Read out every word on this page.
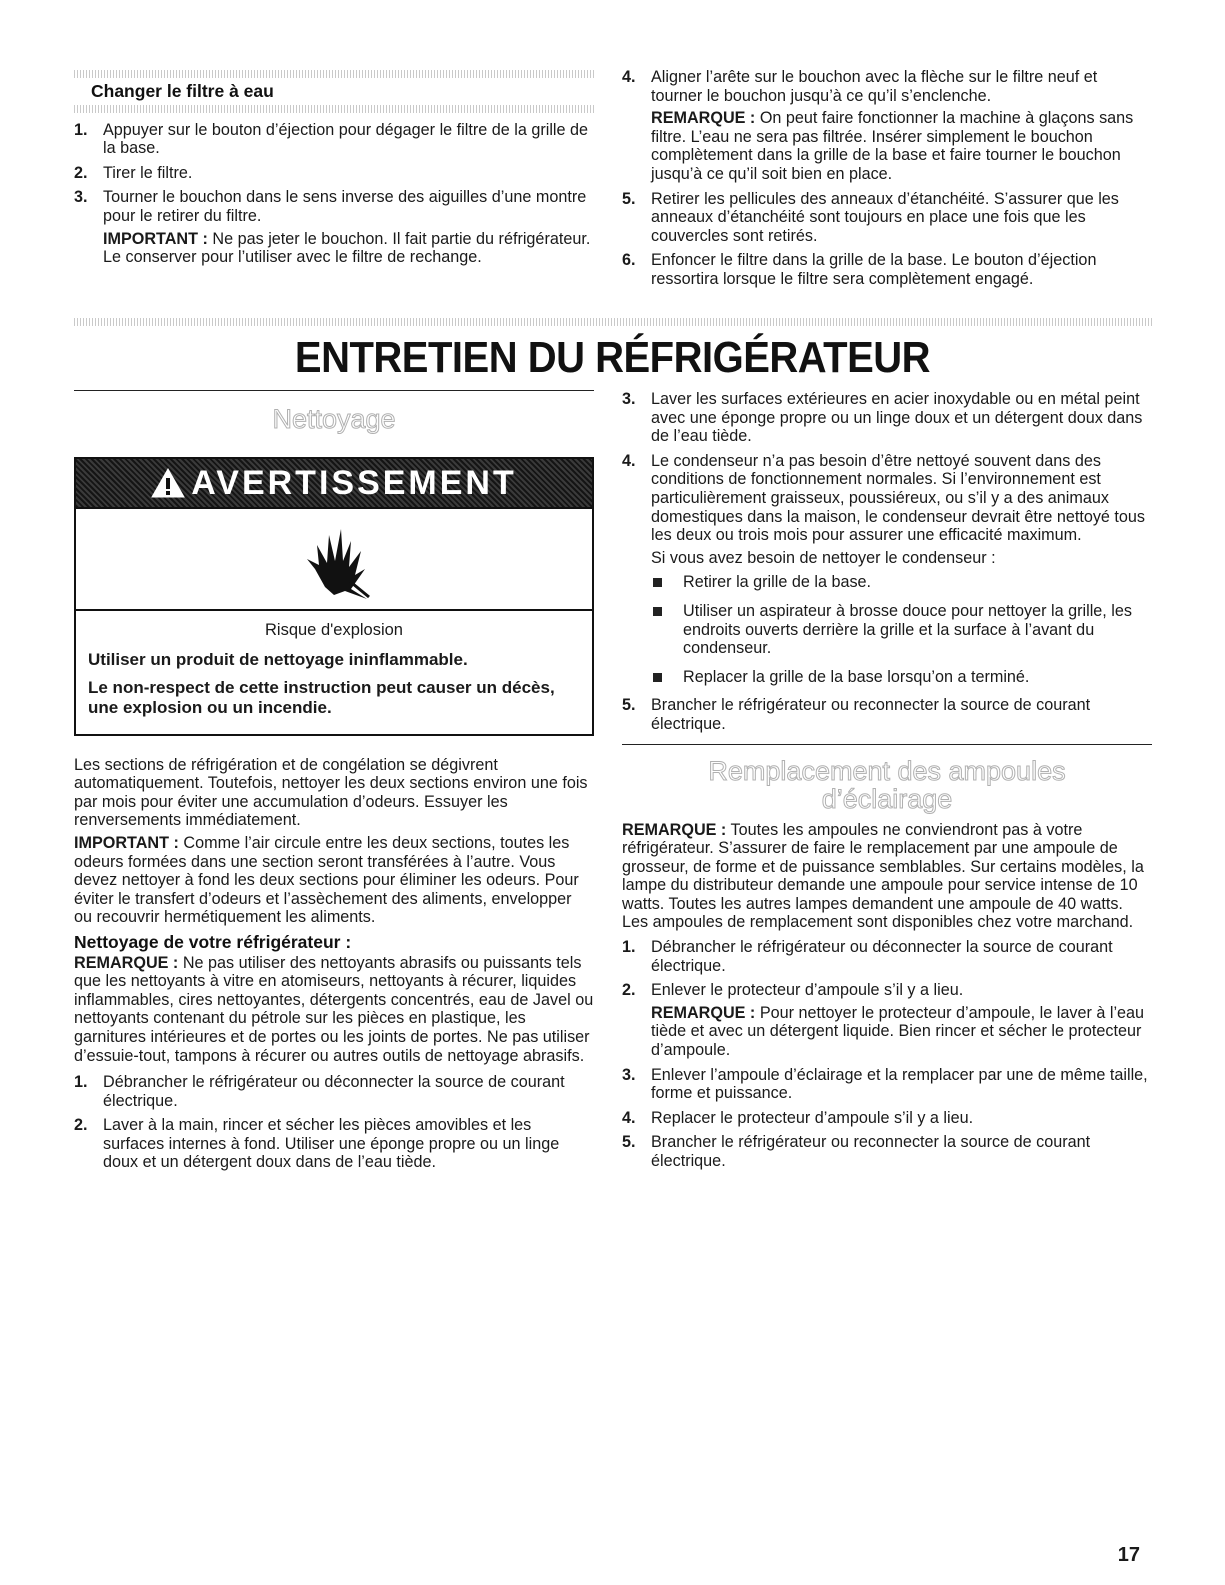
Changer le filtre à eau
1. Appuyer sur le bouton d’éjection pour dégager le filtre de la grille de la base.
2. Tirer le filtre.
3. Tourner le bouchon dans le sens inverse des aiguilles d’une montre pour le retirer du filtre.
IMPORTANT : Ne pas jeter le bouchon. Il fait partie du réfrigérateur. Le conserver pour l’utiliser avec le filtre de rechange.
4. Aligner l’arête sur le bouchon avec la flèche sur le filtre neuf et tourner le bouchon jusqu’à ce qu’il s’enclenche.
REMARQUE : On peut faire fonctionner la machine à glaçons sans filtre. L’eau ne sera pas filtrée. Insérer simplement le bouchon complètement dans la grille de la base et faire tourner le bouchon jusqu’à ce qu’il soit bien en place.
5. Retirer les pellicules des anneaux d’étanchéité. S’assurer que les anneaux d’étanchéité sont toujours en place une fois que les couvercles sont retirés.
6. Enfoncer le filtre dans la grille de la base. Le bouton d’éjection ressortira lorsque le filtre sera complètement engagé.
ENTRETIEN DU RÉFRIGÉRATEUR
Nettoyage
AVERTISSEMENT
Risque d'explosion

Utiliser un produit de nettoyage ininflammable.

Le non-respect de cette instruction peut causer un décès, une explosion ou un incendie.

Les sections de réfrigération et de congélation se dégivrent automatiquement. Toutefois, nettoyer les deux sections environ une fois par mois pour éviter une accumulation d’odeurs. Essuyer les renversements immédiatement.

IMPORTANT : Comme l’air circule entre les deux sections, toutes les odeurs formées dans une section seront transférées à l’autre. Vous devez nettoyer à fond les deux sections pour éliminer les odeurs. Pour éviter le transfert d’odeurs et l’assèchement des aliments, envelopper ou recouvrir hermétiquement les aliments.

Nettoyage de votre réfrigérateur :

REMARQUE : Ne pas utiliser des nettoyants abrasifs ou puissants tels que les nettoyants à vitre en atomiseurs, nettoyants à récurer, liquides inflammables, cires nettoyantes, détergents concentrés, eau de Javel ou nettoyants contenant du pétrole sur les pièces en plastique, les garnitures intérieures et de portes ou les joints de portes. Ne pas utiliser d’essuie-tout, tampons à récurer ou autres outils de nettoyage abrasifs.

1. Débrancher le réfrigérateur ou déconnecter la source de courant électrique.
2. Laver à la main, rincer et sécher les pièces amovibles et les surfaces internes à fond. Utiliser une éponge propre ou un linge doux et un détergent doux dans de l’eau tiède.
3. Laver les surfaces extérieures en acier inoxydable ou en métal peint avec une éponge propre ou un linge doux et un détergent doux dans de l’eau tiède.
4. Le condenseur n’a pas besoin d’être nettoyé souvent dans des conditions de fonctionnement normales. Si l’environnement est particulièrement graisseux, poussiéreux, ou s’il y a des animaux domestiques dans la maison, le condenseur devrait être nettoyé tous les deux ou trois mois pour assurer une efficacité maximum.
Si vous avez besoin de nettoyer le condenseur :
Retirer la grille de la base.
Utiliser un aspirateur à brosse douce pour nettoyer la grille, les endroits ouverts derrière la grille et la surface à l’avant du condenseur.
Replacer la grille de la base lorsqu’on a terminé.
5. Brancher le réfrigérateur ou reconnecter la source de courant électrique.
Remplacement des ampoules
d’éclairage

REMARQUE : Toutes les ampoules ne conviendront pas à votre réfrigérateur. S’assurer de faire le remplacement par une ampoule de grosseur, de forme et de puissance semblables. Sur certains modèles, la lampe du distributeur demande une ampoule pour service intense de 10 watts. Toutes les autres lampes demandent une ampoule de 40 watts. Les ampoules de remplacement sont disponibles chez votre marchand.

1. Débrancher le réfrigérateur ou déconnecter la source de courant électrique.
2. Enlever le protecteur d’ampoule s’il y a lieu.
REMARQUE : Pour nettoyer le protecteur d’ampoule, le laver à l’eau tiède et avec un détergent liquide. Bien rincer et sécher le protecteur d’ampoule.
3. Enlever l’ampoule d’éclairage et la remplacer par une de même taille, forme et puissance.
4. Replacer le protecteur d’ampoule s’il y a lieu.
5. Brancher le réfrigérateur ou reconnecter la source de courant électrique.
17
